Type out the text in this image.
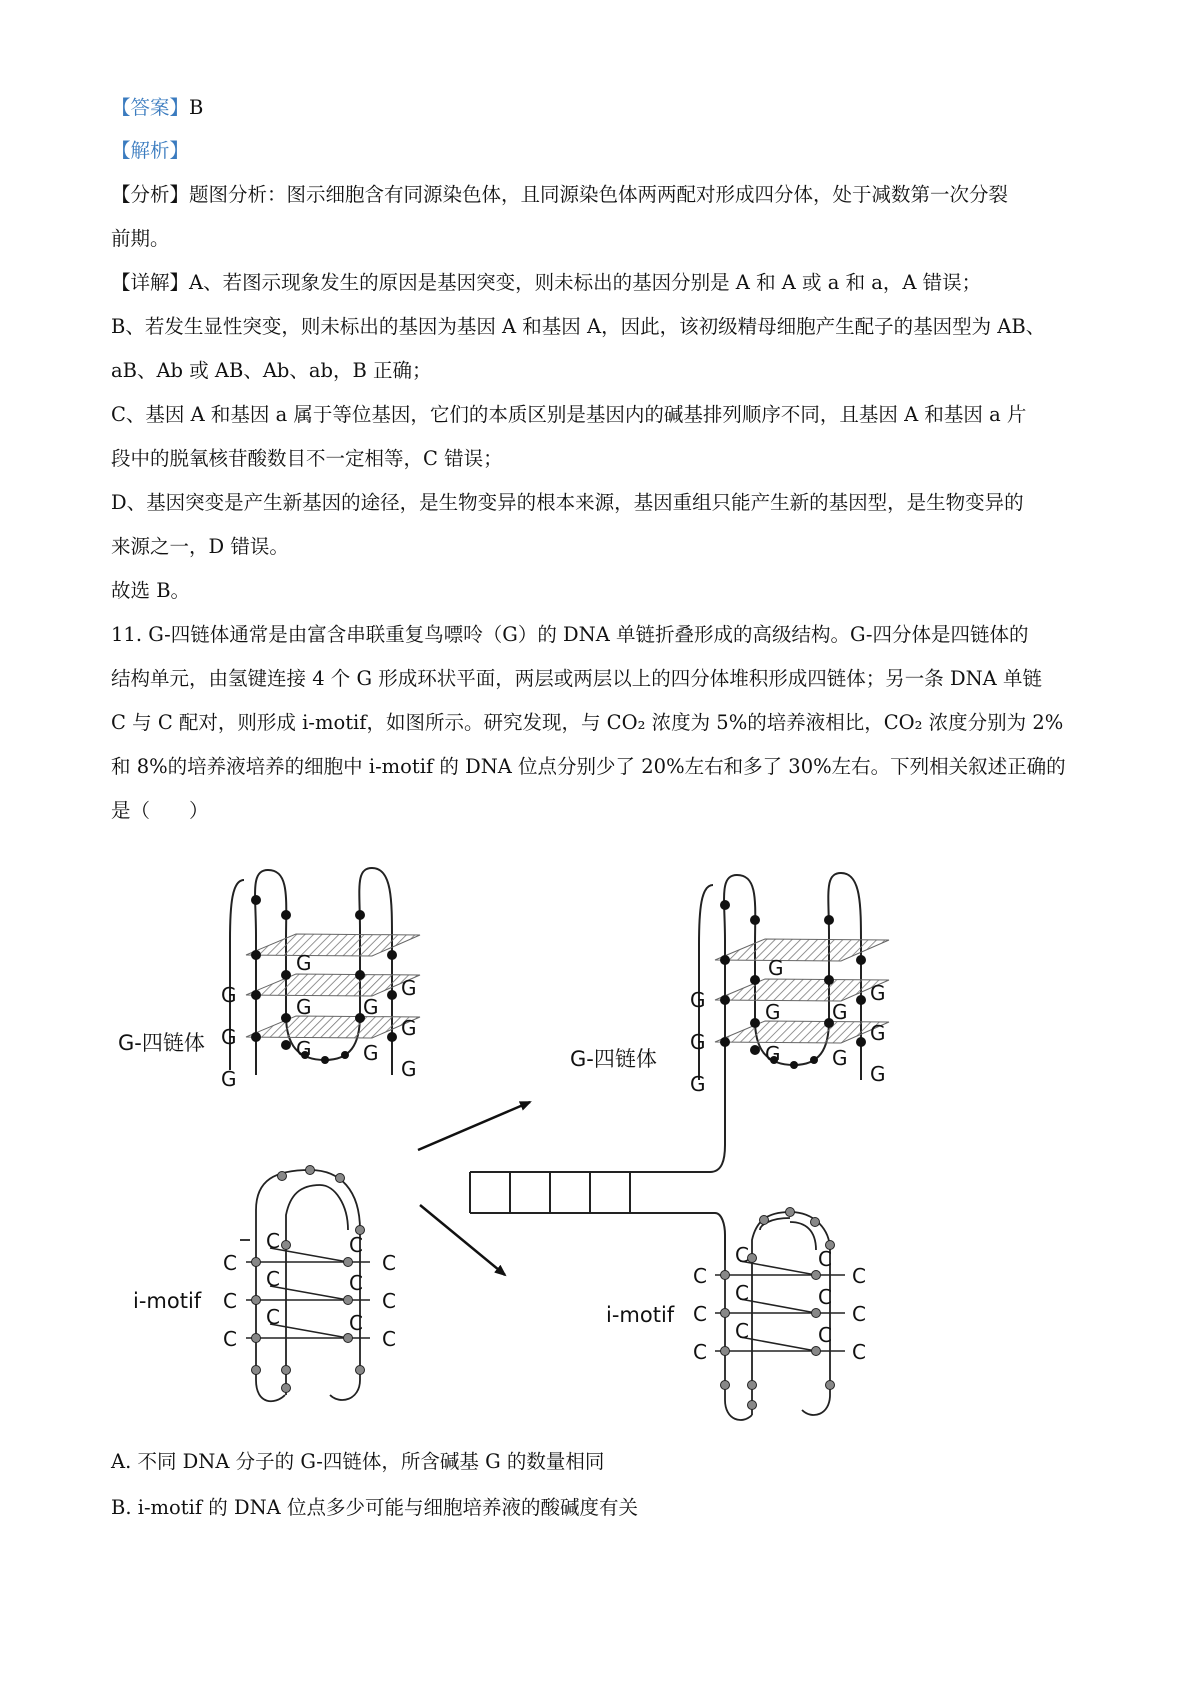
【答案】B
【解析】
【分析】题图分析：图示细胞含有同源染色体，且同源染色体两两配对形成四分体，处于减数第一次分裂
前期。
【详解】A、若图示现象发生的原因是基因突变，则未标出的基因分别是 A 和 A 或 a 和 a，A 错误；
B、若发生显性突变，则未标出的基因为基因 A 和基因 A，因此，该初级精母细胞产生配子的基因型为 AB、
aB、Ab 或 AB、Ab、ab，B 正确；
C、基因 A 和基因 a 属于等位基因，它们的本质区别是基因内的碱基排列顺序不同，且基因 A 和基因 a 片
段中的脱氧核苷酸数目不一定相等，C 错误；
D、基因突变是产生新基因的途径，是生物变异的根本来源，基因重组只能产生新的基因型，是生物变异的
来源之一，D 错误。
故选 B。
11. G-四链体通常是由富含串联重复鸟嘌呤（G）的 DNA 单链折叠形成的高级结构。G-四分体是四链体的
结构单元，由氢键连接 4 个 G 形成环状平面，两层或两层以上的四分体堆积形成四链体；另一条 DNA 单链
C 与 C 配对，则形成 i-motif，如图所示。研究发现，与 CO₂ 浓度为 5%的培养液相比，CO₂ 浓度分别为 2%
和 8%的培养液培养的细胞中 i-motif 的 DNA 位点分别少了 20%左右和多了 30%左右。下列相关叙述正确的
是（　　）
G
G	G
G	G
G
G	G
G
G
G
G-四链体
C
C
C
C
C
C
C
C
C
C
C
C
i-motif
G
G	G
G	G
G
G	G
G
G
G
G-四链体
C
C
C
C
C
C
C
C
C
C
C
C
i-motif
A. 不同 DNA 分子的 G-四链体，所含碱基 G 的数量相同
B. i-motif 的 DNA 位点多少可能与细胞培养液的酸碱度有关
